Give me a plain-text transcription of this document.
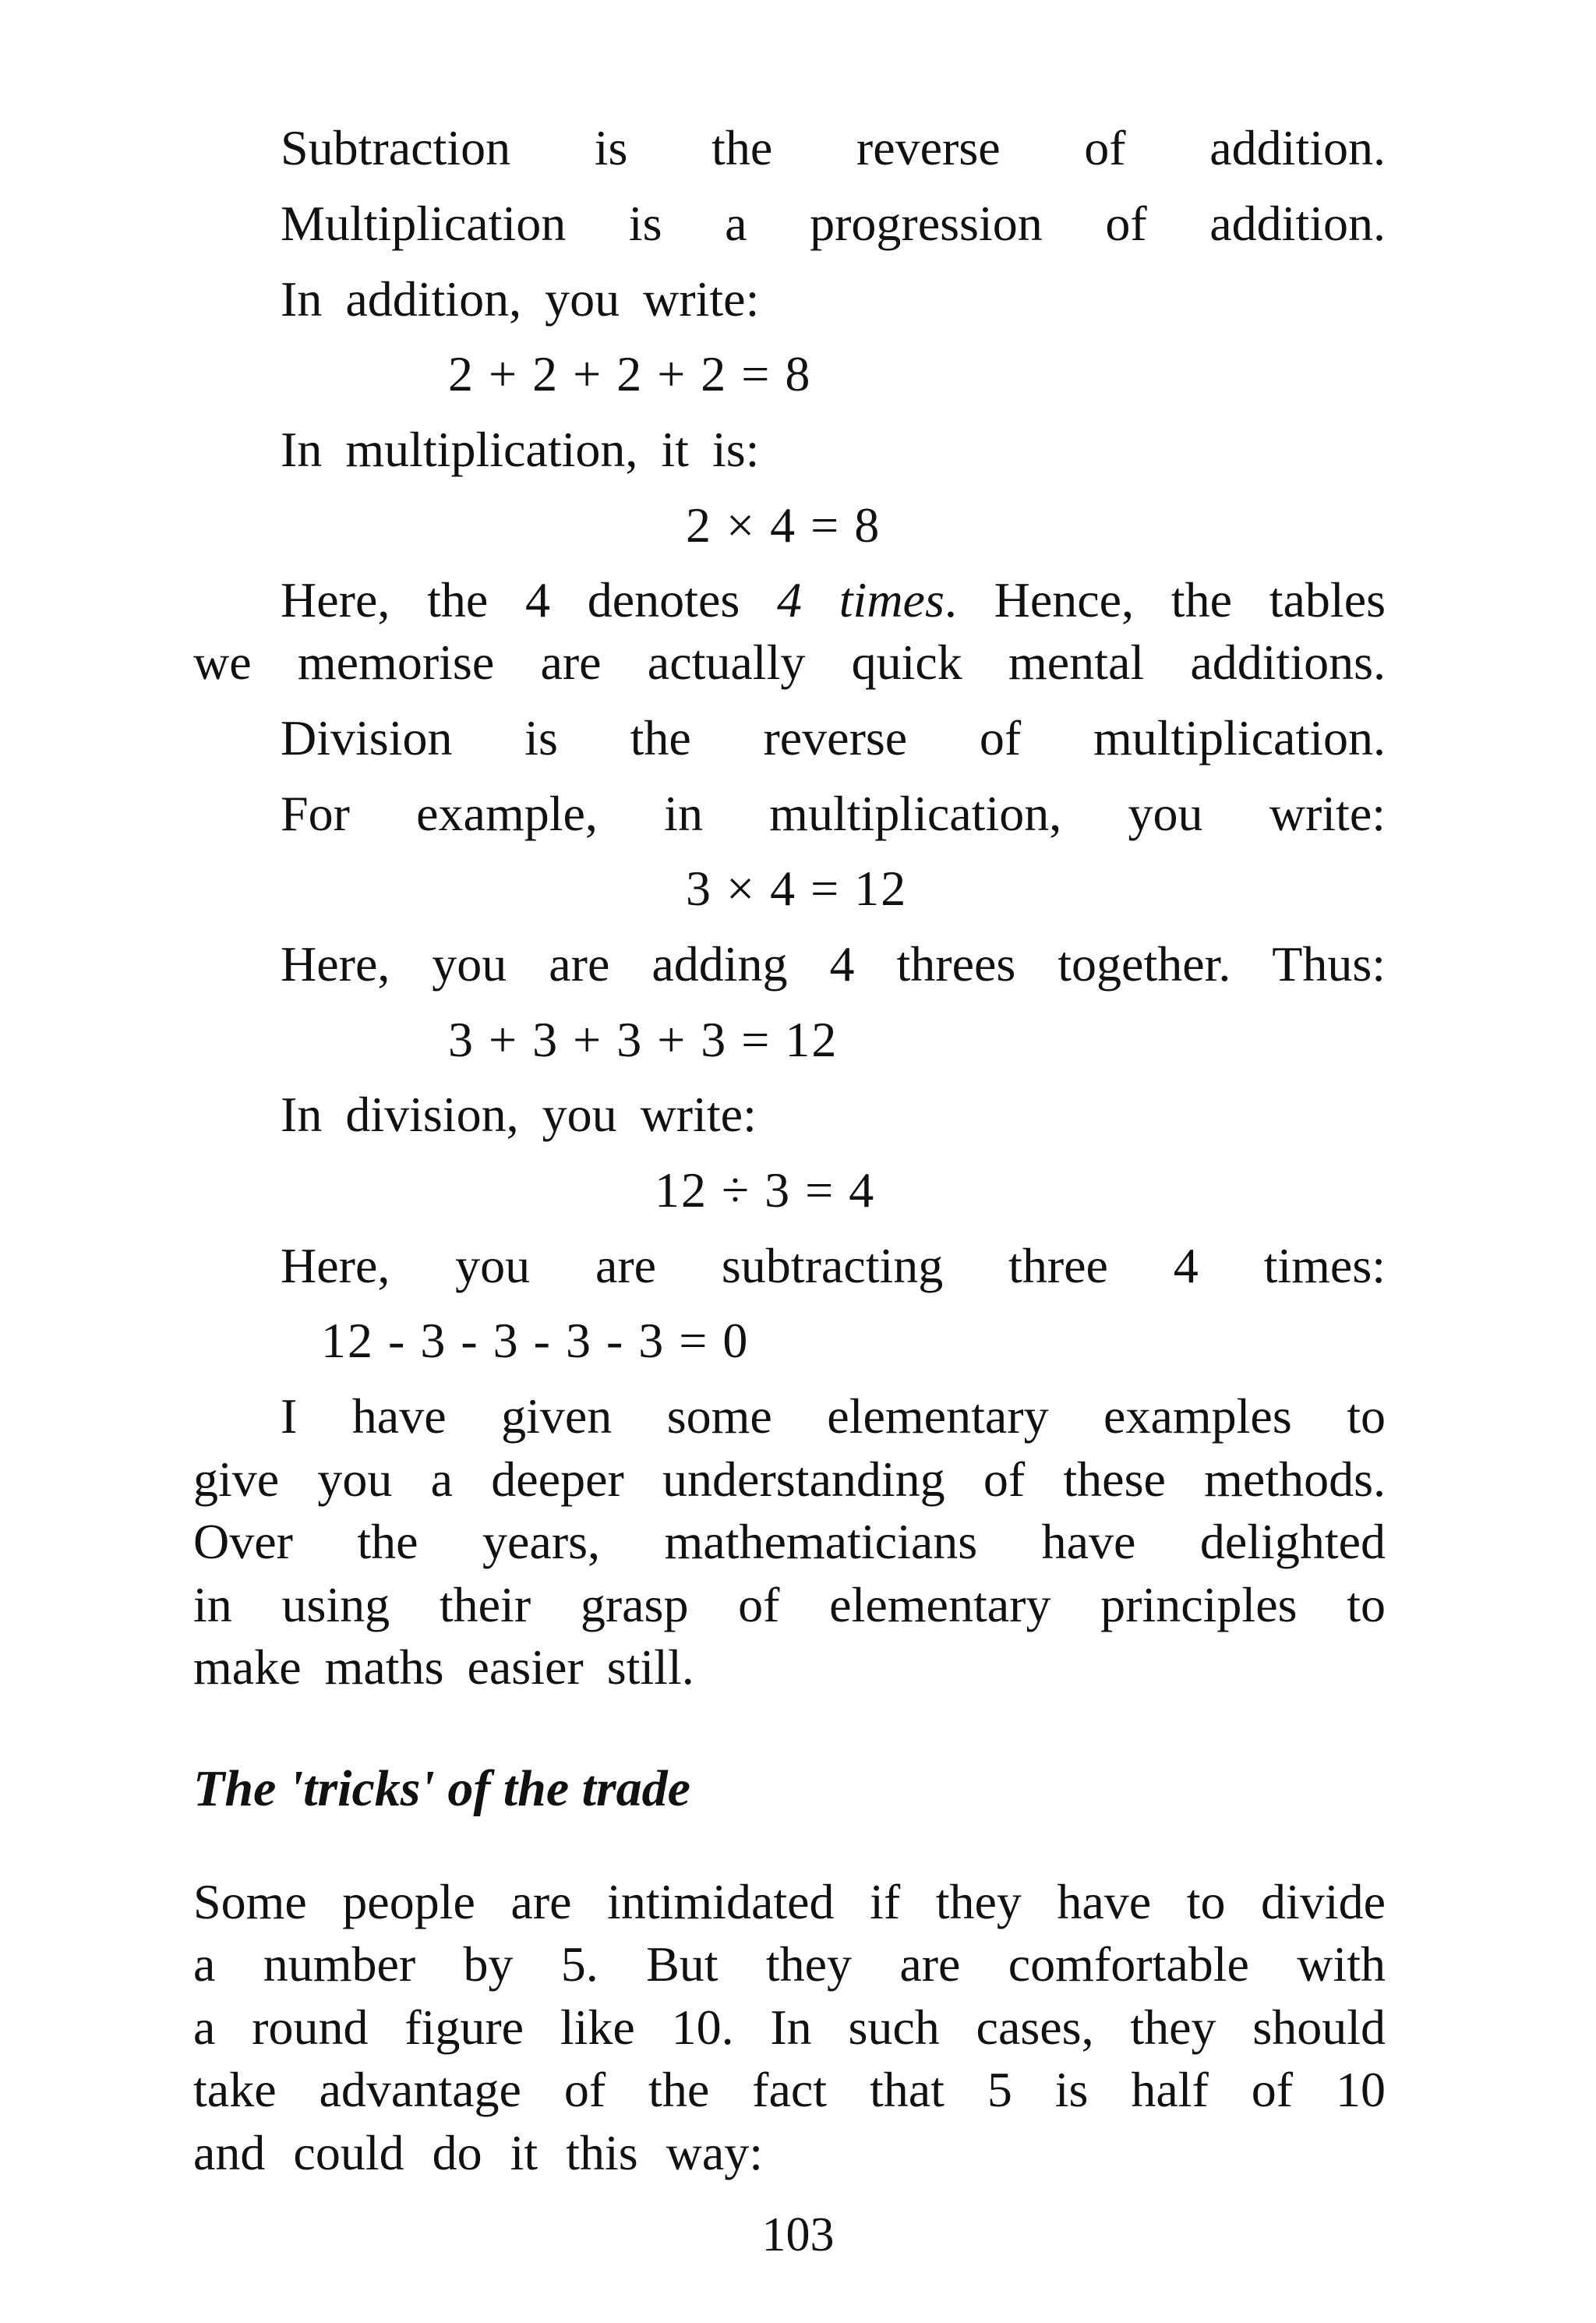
Subtraction is the reverse of addition.
Multiplication is a progression of addition.
In addition, you write:
2 + 2 + 2 + 2 = 8
In multiplication, it is:
2 × 4 = 8
Here, the 4 denotes 4 times. Hence, the tables
we memorise are actually quick mental additions.
Division is the reverse of multiplication.
For example, in multiplication, you write:
3 × 4 = 12
Here, you are adding 4 threes together. Thus:
3 + 3 + 3 + 3 = 12
In division, you write:
12 ÷ 3 = 4
Here, you are subtracting three 4 times:
12 - 3 - 3 - 3 - 3 = 0
I have given some elementary examples to
give you a deeper understanding of these methods.
Over the years, mathematicians have delighted
in using their grasp of elementary principles to
make maths easier still.
The 'tricks' of the trade
Some people are intimidated if they have to divide
a number by 5. But they are comfortable with
a round figure like 10. In such cases, they should
take advantage of the fact that 5 is half of 10
and could do it this way:
103
